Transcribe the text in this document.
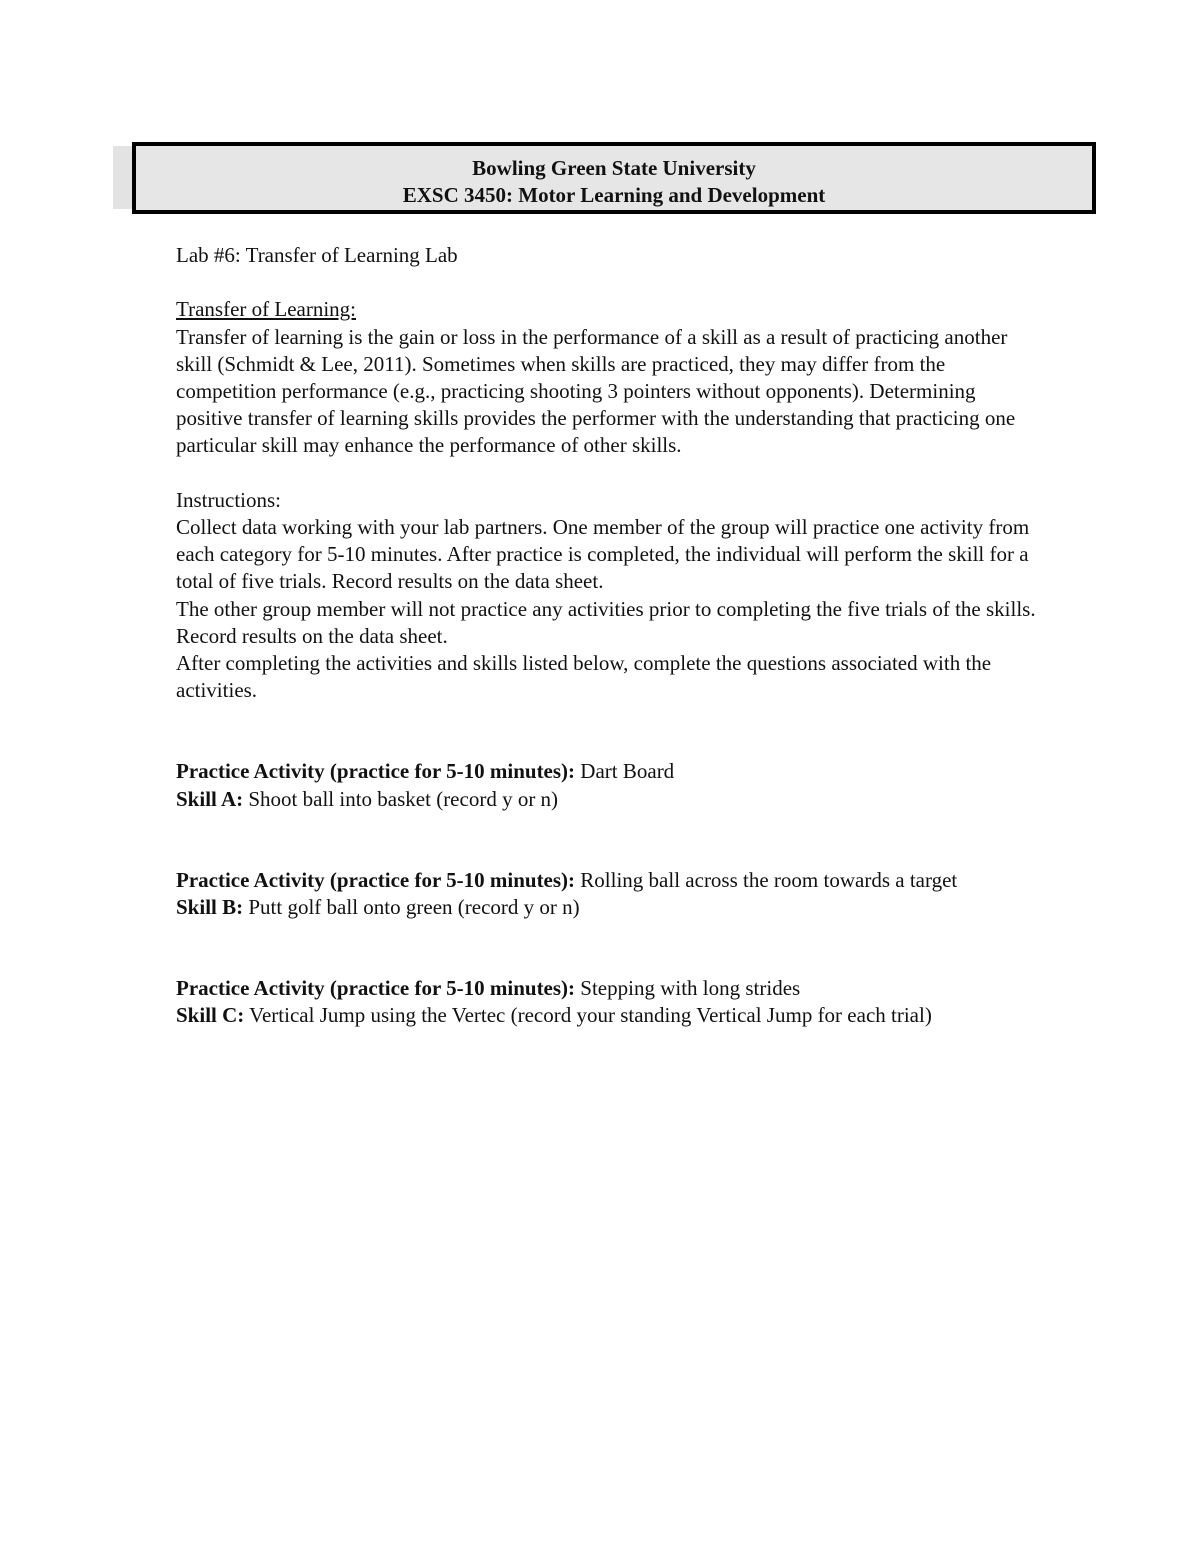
Bowling Green State University
EXSC 3450: Motor Learning and Development

Lab #6: Transfer of Learning Lab

Transfer of Learning:

Transfer of learning is the gain or loss in the performance of a skill as a result of practicing another skill (Schmidt & Lee, 2011). Sometimes when skills are practiced, they may differ from the competition performance (e.g., practicing shooting 3 pointers without opponents). Determining positive transfer of learning skills provides the performer with the understanding that practicing one particular skill may enhance the performance of other skills.

Instructions:

Collect data working with your lab partners. One member of the group will practice one activity from each category for 5-10 minutes. After practice is completed, the individual will perform the skill for a total of five trials. Record results on the data sheet.

The other group member will not practice any activities prior to completing the five trials of the skills. Record results on the data sheet.

After completing the activities and skills listed below, complete the questions associated with the activities.

Practice Activity (practice for 5-10 minutes): Dart Board

Skill A: Shoot ball into basket (record y or n)

Practice Activity (practice for 5-10 minutes): Rolling ball across the room towards a target

Skill B: Putt golf ball onto green (record y or n)

Practice Activity (practice for 5-10 minutes): Stepping with long strides

Skill C: Vertical Jump using the Vertec (record your standing Vertical Jump for each trial)
